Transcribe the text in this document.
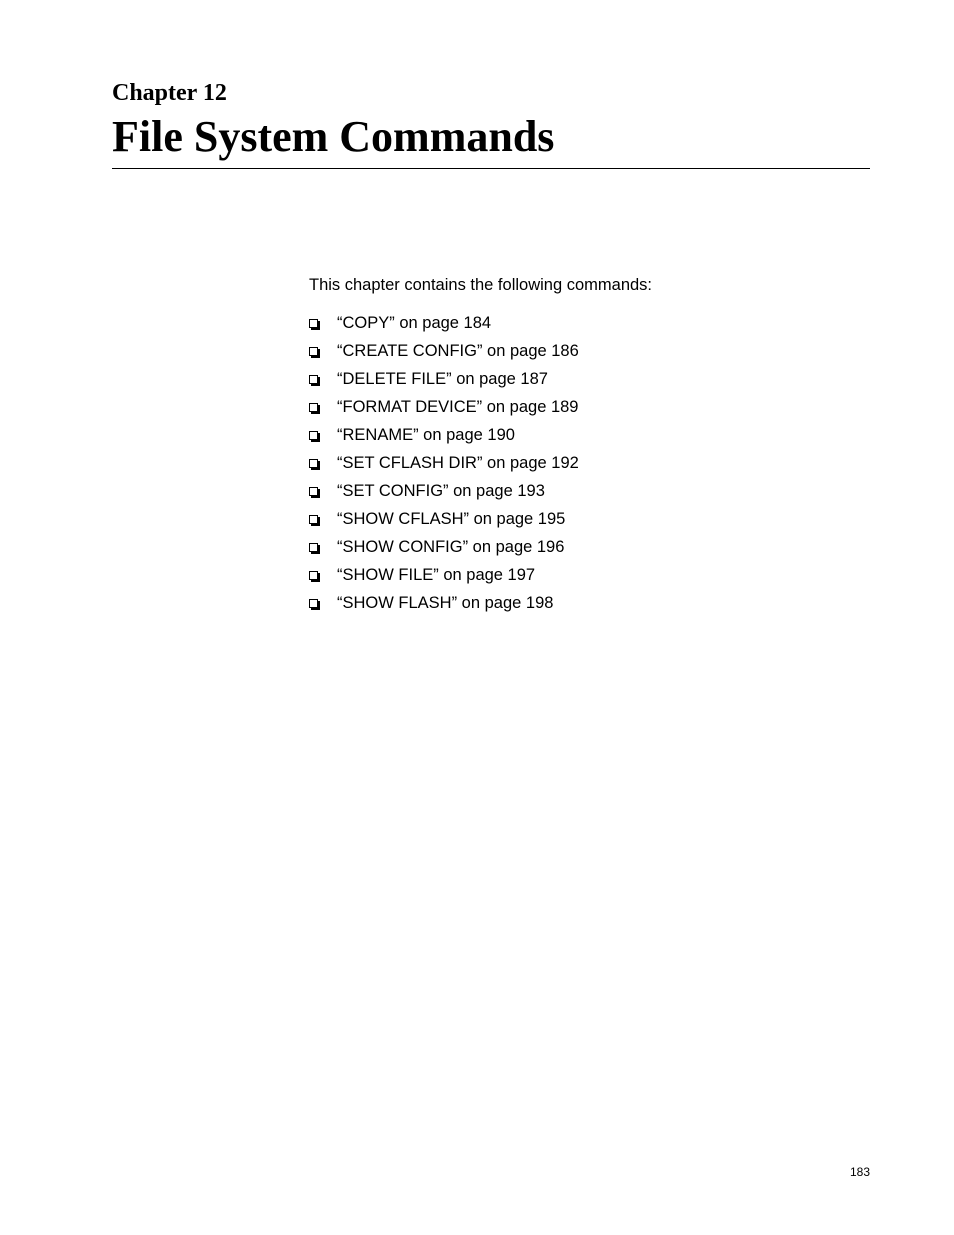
Chapter 12
File System Commands

This chapter contains the following commands:

“COPY” on page 184
“CREATE CONFIG” on page 186
“DELETE FILE” on page 187
“FORMAT DEVICE” on page 189
“RENAME” on page 190
“SET CFLASH DIR” on page 192
“SET CONFIG” on page 193
“SHOW CFLASH” on page 195
“SHOW CONFIG” on page 196
“SHOW FILE” on page 197
“SHOW FLASH” on page 198
183
